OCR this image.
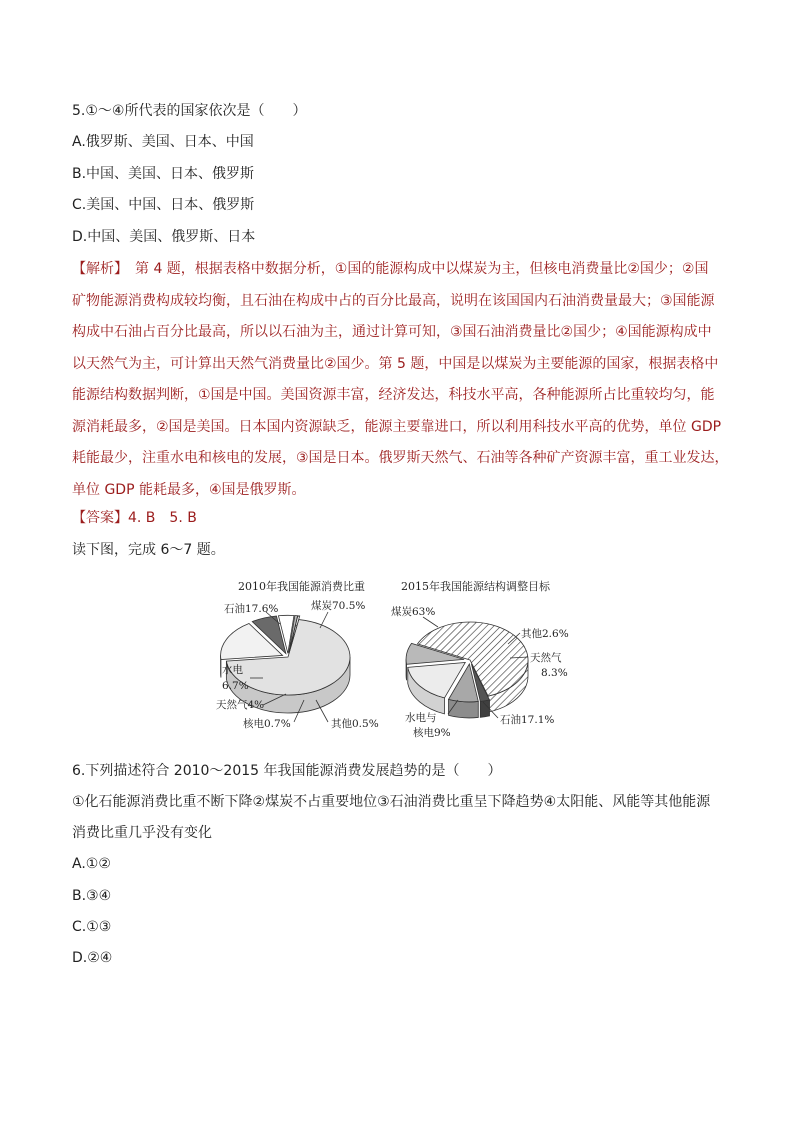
5.①～④所代表的国家依次是（　　）
A.俄罗斯、美国、日本、中国
B.中国、美国、日本、俄罗斯
C.美国、中国、日本、俄罗斯
D.中国、美国、俄罗斯、日本
【解析】　 第 4 题，根据表格中数据分析，①国的能源构成中以煤炭为主，但核电消费量比②国少；②国
矿物能源消费构成较均衡，且石油在构成中占的百分比最高，说明在该国国内石油消费量最大；③国能源
构成中石油占百分比最高，所以以石油为主，通过计算可知，③国石油消费量比②国少；④国能源构成中
以天然气为主，可计算出天然气消费量比②国少。第 5 题，中国是以煤炭为主要能源的国家，根据表格中
能源结构数据判断，①国是中国。美国资源丰富，经济发达，科技水平高，各种能源所占比重较均匀，能
源消耗最多，②国是美国。日本国内资源缺乏，能源主要靠进口，所以利用科技水平高的优势，单位 GDP
耗能最少，注重水电和核电的发展，③国是日本。俄罗斯天然气、石油等各种矿产资源丰富，重工业发达，
单位 GDP 能耗最多，④国是俄罗斯。
【答案】4. B　5. B
读下图，完成 6～7 题。
2010年我国能源消费比重	2015年我国能源结构调整目标
石油17.6%	煤炭70.5%
水电
天然气4%
核电0.7%	其他0.5%
煤炭63%
其他2.6%
天然气
石油17.1%
水电与
6.7%
8.3%
核电9%
6.下列描述符合 2010～2015 年我国能源消费发展趋势的是（　　）
①化石能源消费比重不断下降②煤炭不占重要地位③石油消费比重呈下降趋势④太阳能、风能等其他能源
消费比重几乎没有变化
A.①②
B.③④
C.①③
D.②④
